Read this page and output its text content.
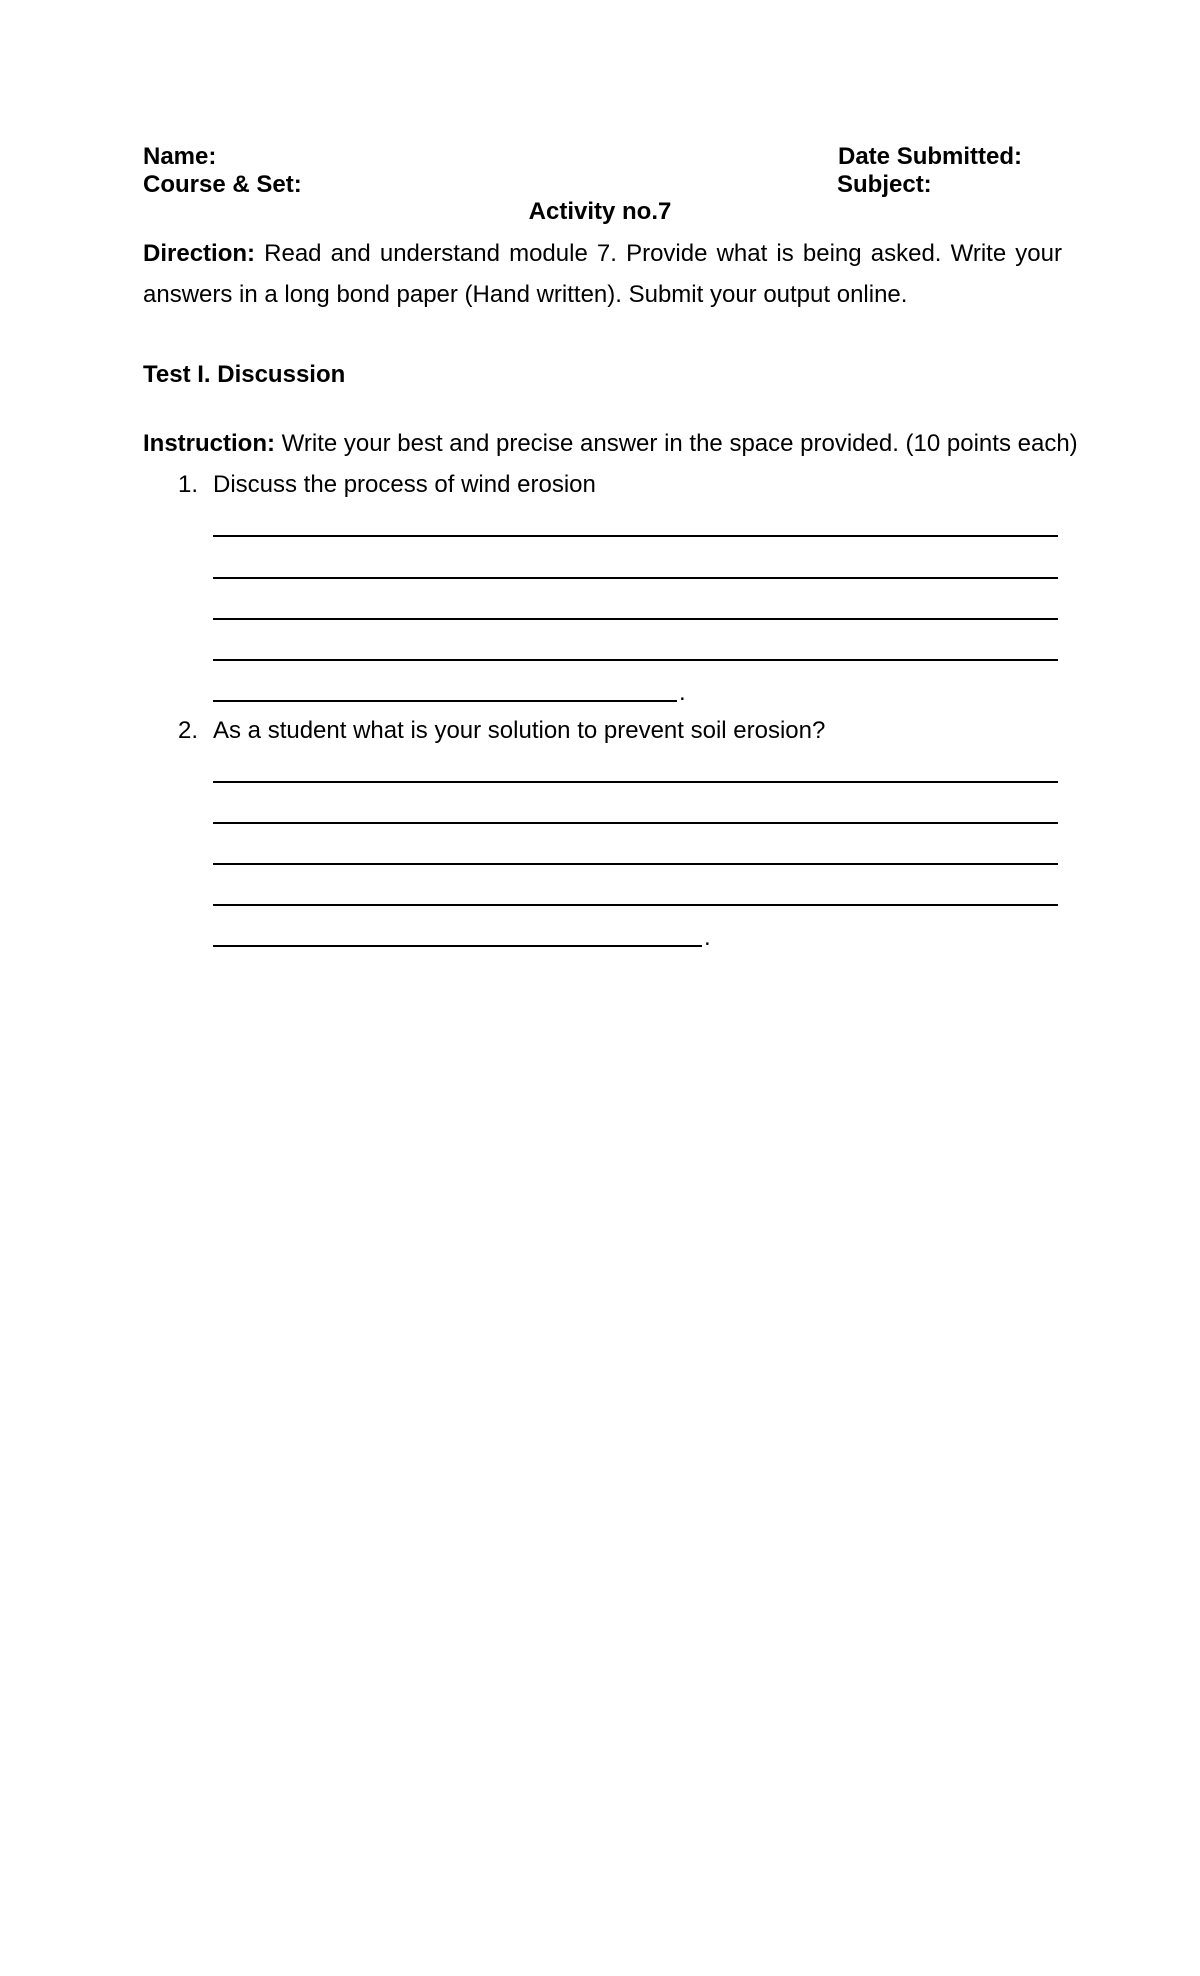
Name:	Date Submitted:
Course & Set:	Subject:
Activity no.7
Direction: Read and understand module 7. Provide what is being asked. Write your answers in a long bond paper (Hand written). Submit your output online.
Test I. Discussion
Instruction: Write your best and precise answer in the space provided. (10 points each)
1. Discuss the process of wind erosion
.
2. As a student what is your solution to prevent soil erosion?
.
